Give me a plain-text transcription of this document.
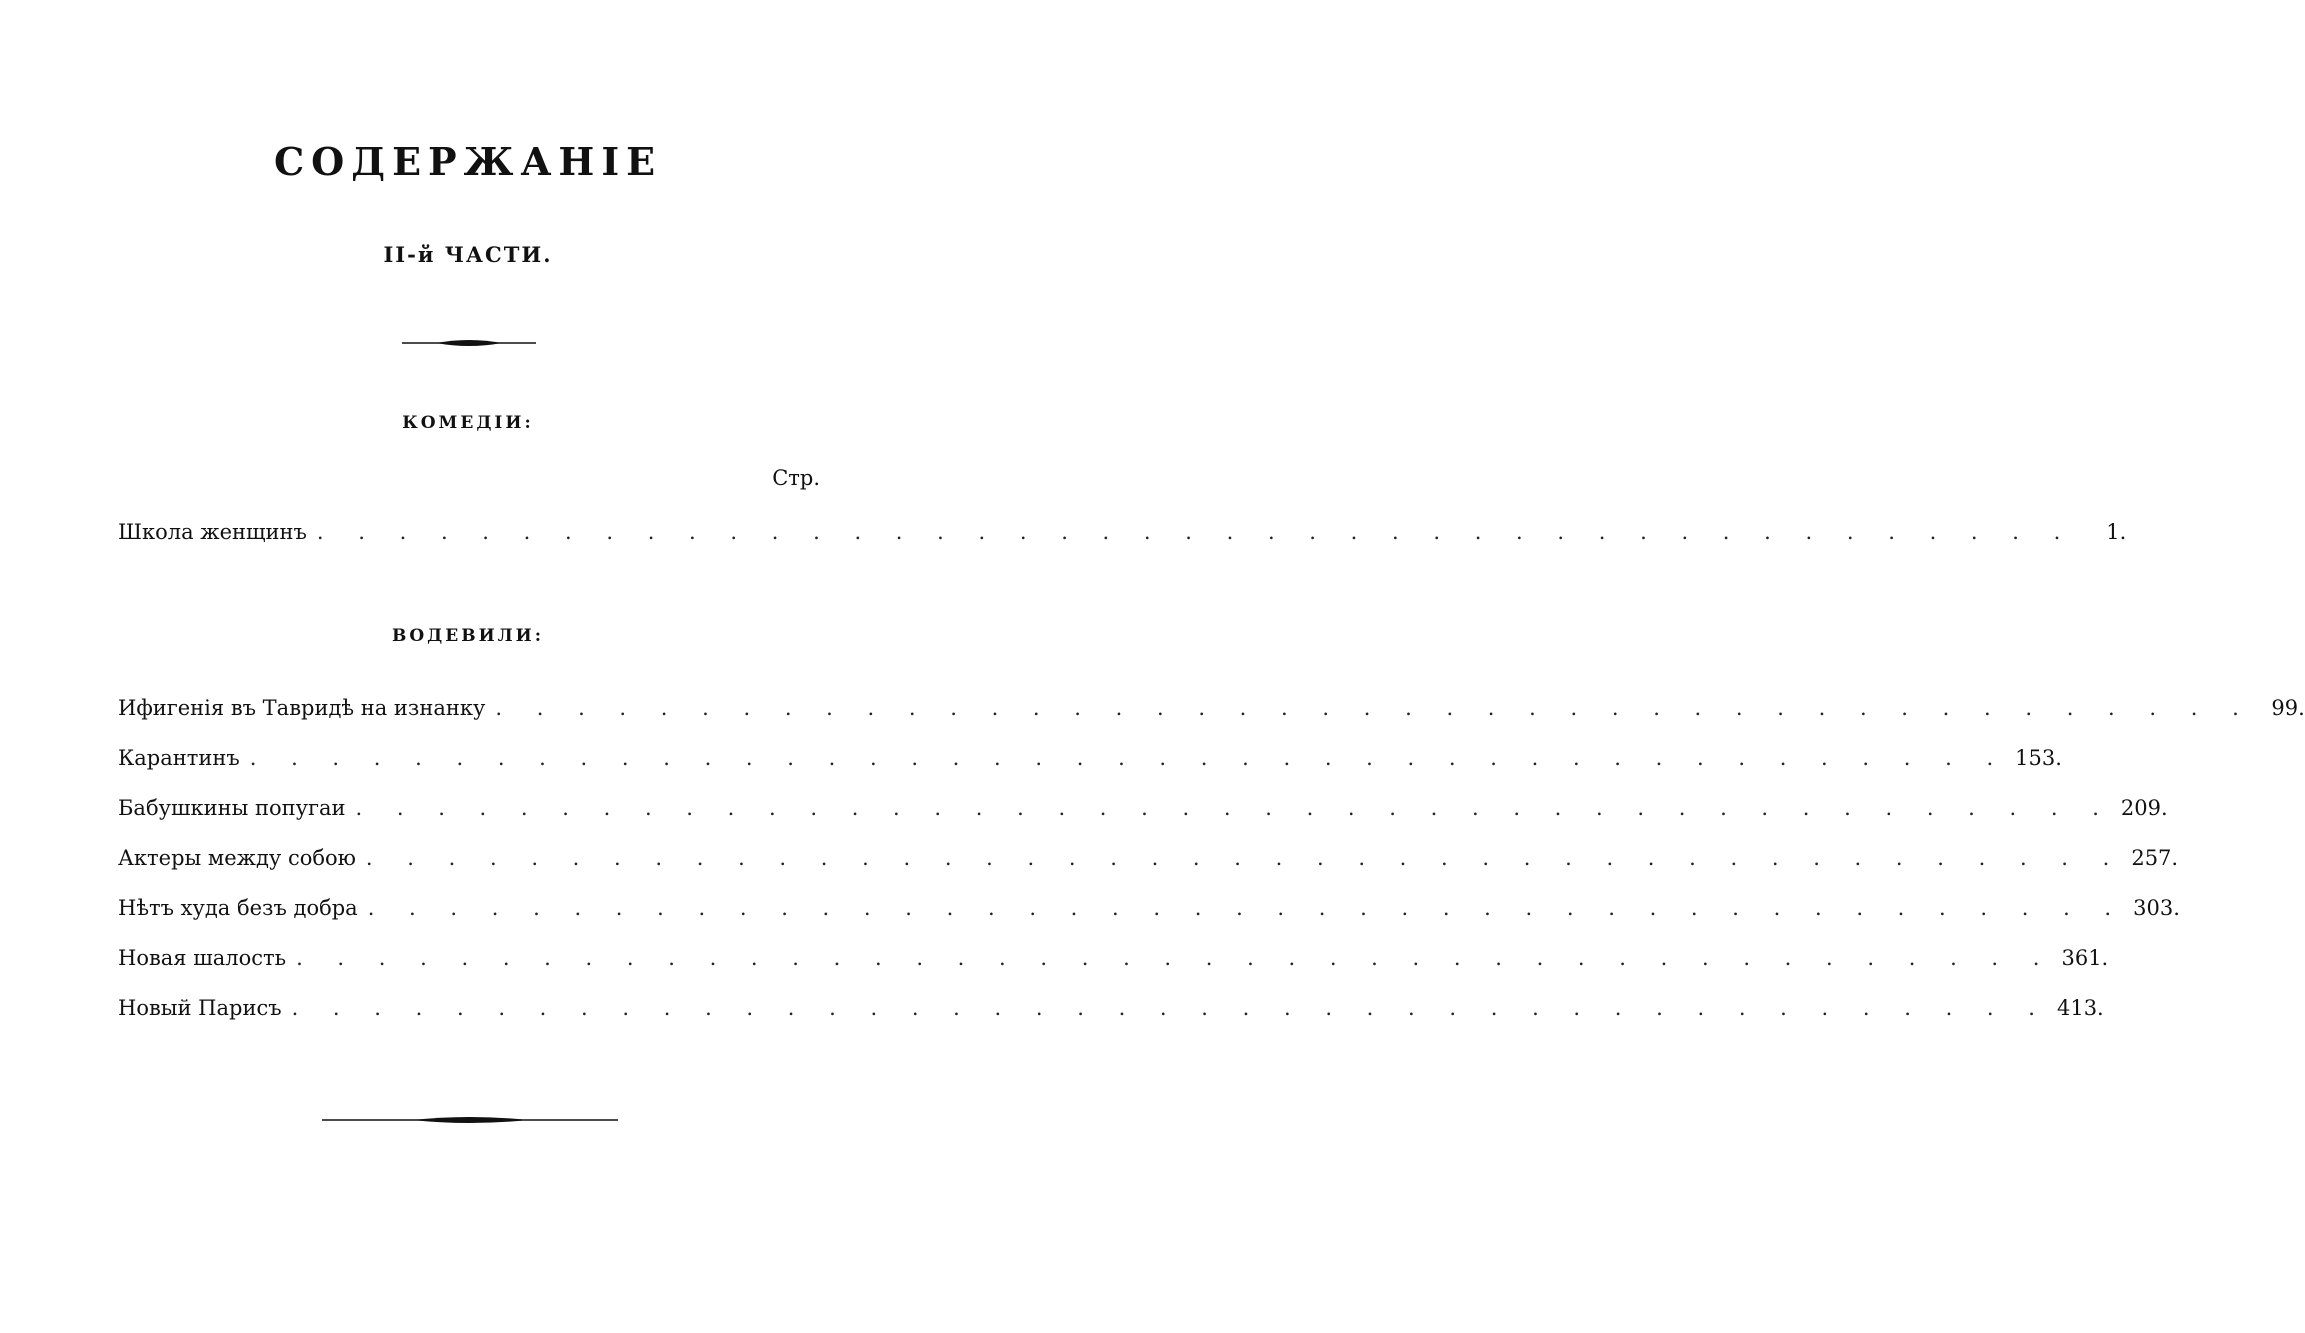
СОДЕРЖАНІЕ
II-й ЧАСТИ.
КОМЕДІИ:
Стр.
Школа женщинъ . . . . . . . . . . . . . . . . . . . . . . . . . . . . . . . . . . . . . . . . . . .	1.
ВОДЕВИЛИ:
Ифигенія въ Тавридѣ на изнанку . . . . . . . . . . . . . . . . . . . . . . . . . . . . . . . . . . . . . . . . . . . 99.
Карантинъ . . . . . . . . . . . . . . . . . . . . . . . . . . . . . . . . . . . . . . . . . . . 153.
Бабушкины попугаи . . . . . . . . . . . . . . . . . . . . . . . . . . . . . . . . . . . . . . . . . . . 209.
Актеры между собою . . . . . . . . . . . . . . . . . . . . . . . . . . . . . . . . . . . . . . . . . . . 257.
Нѣтъ худа безъ добра . . . . . . . . . . . . . . . . . . . . . . . . . . . . . . . . . . . . . . . . . . . 303.
Новая шалость . . . . . . . . . . . . . . . . . . . . . . . . . . . . . . . . . . . . . . . . . . . 361.
Новый Парисъ . . . . . . . . . . . . . . . . . . . . . . . . . . . . . . . . . . . . . . . . . . . 413.
